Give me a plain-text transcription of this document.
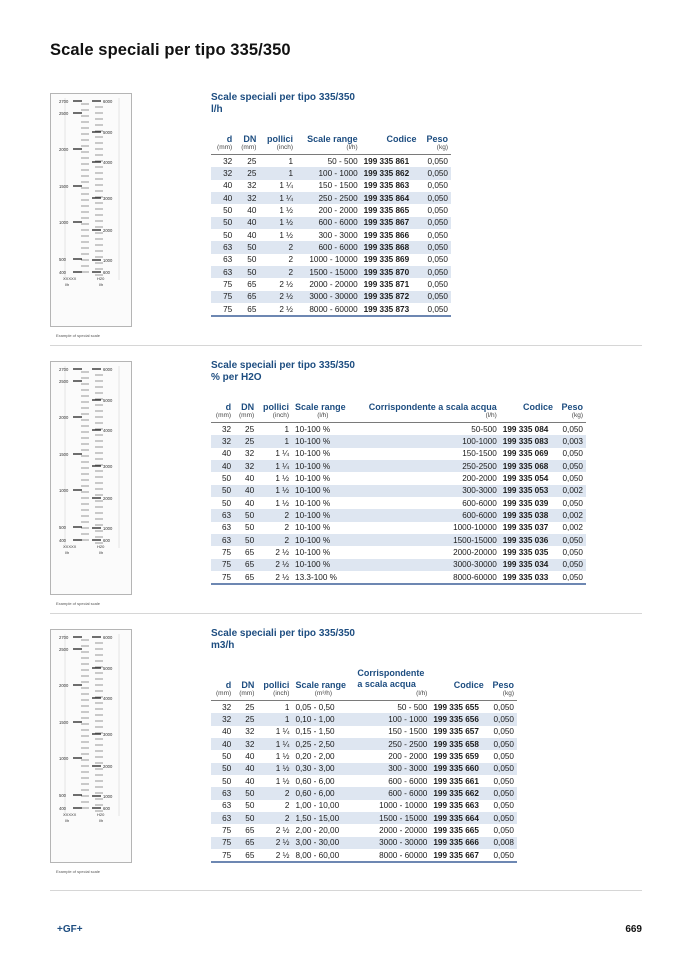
Scale speciali per tipo 335/350
2700
2500
2000
1500
1000
500
400
6000
5000
4000
3000
2000
1000
600
XXXXX	H20
l/h	l/h
Example of special scale
Scale speciali per tipo 335/350
l/h
d	DN	pollici	Scale range	Codice	Peso
(mm)	(mm)	(inch)	(l/h)		(kg)
32	25	1	50 - 500	199 335 861	0,050
32	25	1	100 - 1000	199 335 862	0,050
40	32	1 ¼	150 - 1500	199 335 863	0,050
40	32	1 ¼	250 - 2500	199 335 864	0,050
50	40	1 ½	200 - 2000	199 335 865	0,050
50	40	1 ½	600 - 6000	199 335 867	0,050
50	40	1 ½	300 - 3000	199 335 866	0,050
63	50	2	600 - 6000	199 335 868	0,050
63	50	2	1000 - 10000	199 335 869	0,050
63	50	2	1500 - 15000	199 335 870	0,050
75	65	2 ½	2000 - 20000	199 335 871	0,050
75	65	2 ½	3000 - 30000	199 335 872	0,050
75	65	2 ½	8000 - 60000	199 335 873	0,050
2700
2500
2000
1500
1000
500
400
6000
5000
4000
3000
2000
1000
600
XXXXX	H20
l/h	l/h
Example of special scale
Scale speciali per tipo 335/350
% per H2O
d	DN	pollici	Scale range	Corrispondente a scala acqua	Codice	Peso
(mm)	(mm)	(inch)	(l/h)	(l/h)		(kg)
32	25	1	10-100 %	50-500	199 335 084	0,050
32	25	1	10-100 %	100-1000	199 335 083	0,003
40	32	1 ¼	10-100 %	150-1500	199 335 069	0,050
40	32	1 ¼	10-100 %	250-2500	199 335 068	0,050
50	40	1 ½	10-100 %	200-2000	199 335 054	0,050
50	40	1 ½	10-100 %	300-3000	199 335 053	0,002
50	40	1 ½	10-100 %	600-6000	199 335 039	0,050
63	50	2	10-100 %	600-6000	199 335 038	0,002
63	50	2	10-100 %	1000-10000	199 335 037	0,002
63	50	2	10-100 %	1500-15000	199 335 036	0,050
75	65	2 ½	10-100 %	2000-20000	199 335 035	0,050
75	65	2 ½	10-100 %	3000-30000	199 335 034	0,050
75	65	2 ½	13.3-100 %	8000-60000	199 335 033	0,050
2700
2500
2000
1500
1000
500
400
6000
5000
4000
3000
2000
1000
600
XXXXX	H20
l/h	l/h
Example of special scale
Scale speciali per tipo 335/350
m3/h
d	DN	pollici	Scale range	Corrispondente a scala acqua	Codice	Peso
(mm)	(mm)	(inch)	(m³/h)	(l/h)		(kg)
32	25	1	0,05 - 0,50	50 - 500	199 335 655	0,050
32	25	1	0,10 - 1,00	100 - 1000	199 335 656	0,050
40	32	1 ¼	0,15 - 1,50	150 - 1500	199 335 657	0,050
40	32	1 ¼	0,25 - 2,50	250 - 2500	199 335 658	0,050
50	40	1 ½	0,20 - 2,00	200 - 2000	199 335 659	0,050
50	40	1 ½	0,30 - 3,00	300 - 3000	199 335 660	0,050
50	40	1 ½	0,60 - 6,00	600 - 6000	199 335 661	0,050
63	50	2	0,60 - 6,00	600 - 6000	199 335 662	0,050
63	50	2	1,00 - 10,00	1000 - 10000	199 335 663	0,050
63	50	2	1,50 - 15,00	1500 - 15000	199 335 664	0,050
75	65	2 ½	2,00 - 20,00	2000 - 20000	199 335 665	0,050
75	65	2 ½	3,00 - 30,00	3000 - 30000	199 335 666	0,008
75	65	2 ½	8,00 - 60,00	8000 - 60000	199 335 667	0,050
+GF+	669
